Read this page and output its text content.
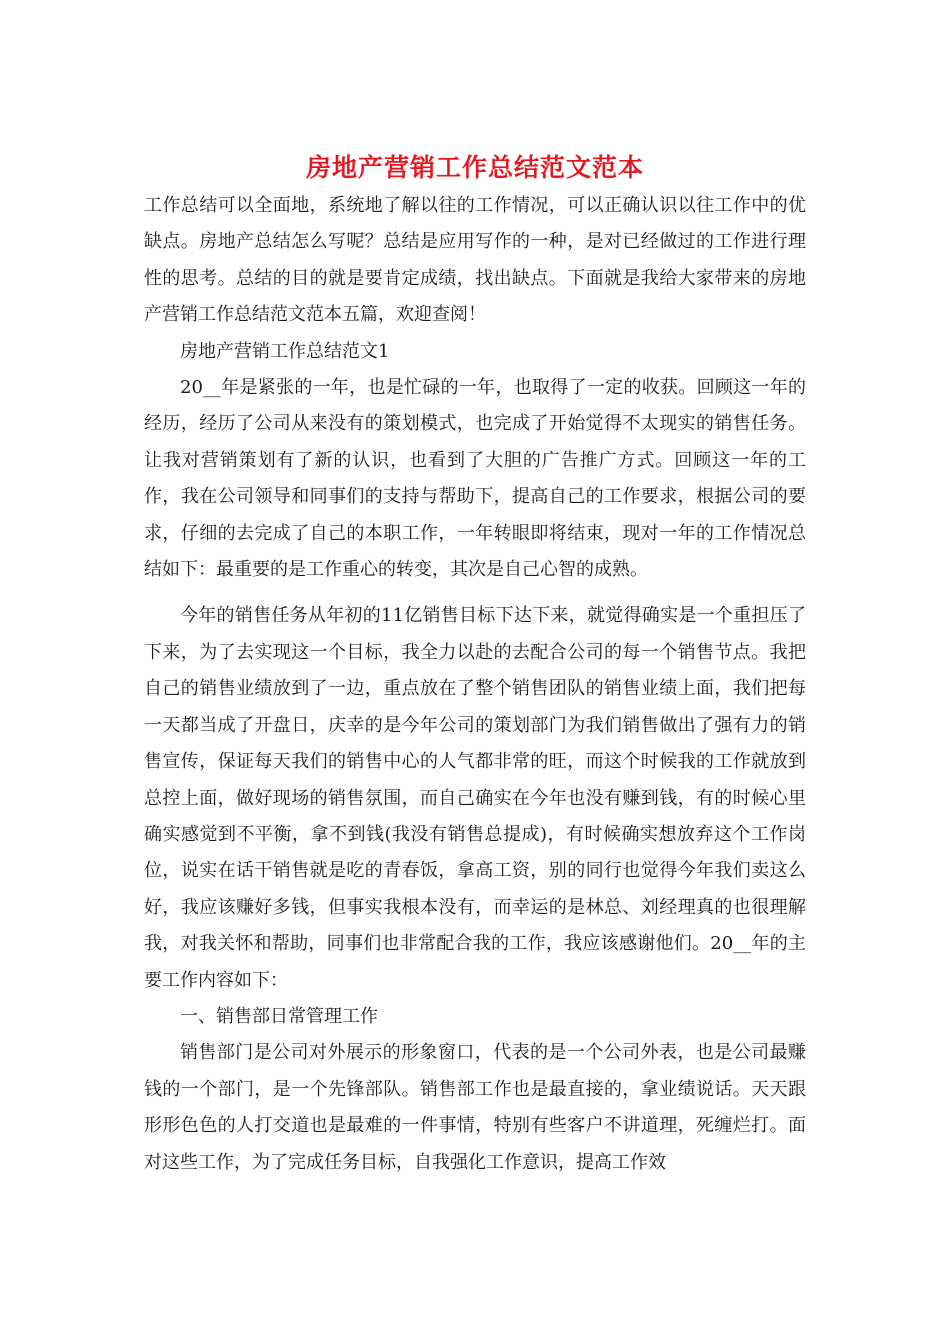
房地产营销工作总结范文范本

工作总结可以全面地，系统地了解以往的工作情况，可以正确认识以往工作中的优缺点。房地产总结怎么写呢？总结是应用写作的一种，是对已经做过的工作进行理性的思考。总结的目的就是要肯定成绩，找出缺点。下面就是我给大家带来的房地产营销工作总结范文范本五篇，欢迎查阅！

房地产营销工作总结范文1

20__年是紧张的一年，也是忙碌的一年，也取得了一定的收获。回顾这一年的经历，经历了公司从来没有的策划模式，也完成了开始觉得不太现实的销售任务。让我对营销策划有了新的认识，也看到了大胆的广告推广方式。回顾这一年的工作，我在公司领导和同事们的支持与帮助下，提高自己的工作要求，根据公司的要求，仔细的去完成了自己的本职工作，一年转眼即将结束，现对一年的工作情况总结如下：最重要的是工作重心的转变，其次是自己心智的成熟。

今年的销售任务从年初的11亿销售目标下达下来，就觉得确实是一个重担压了下来，为了去实现这一个目标，我全力以赴的去配合公司的每一个销售节点。我把自己的销售业绩放到了一边，重点放在了整个销售团队的销售业绩上面，我们把每一天都当成了开盘日，庆幸的是今年公司的策划部门为我们销售做出了强有力的销售宣传，保证每天我们的销售中心的人气都非常的旺，而这个时候我的工作就放到总控上面，做好现场的销售氛围，而自己确实在今年也没有赚到钱，有的时候心里确实感觉到不平衡，拿不到钱(我没有销售总提成)，有时候确实想放弃这个工作岗位，说实在话干销售就是吃的青春饭，拿高工资，别的同行也觉得今年我们卖这么好，我应该赚好多钱，但事实我根本没有，而幸运的是林总、刘经理真的也很理解我，对我关怀和帮助，同事们也非常配合我的工作，我应该感谢他们。20__年的主要工作内容如下：

一、销售部日常管理工作

销售部门是公司对外展示的形象窗口，代表的是一个公司外表，也是公司最赚钱的一个部门，是一个先锋部队。销售部工作也是最直接的，拿业绩说话。天天跟形形色色的人打交道也是最难的一件事情，特别有些客户不讲道理，死缠烂打。面对这些工作，为了完成任务目标，自我强化工作意识，提高工作效
